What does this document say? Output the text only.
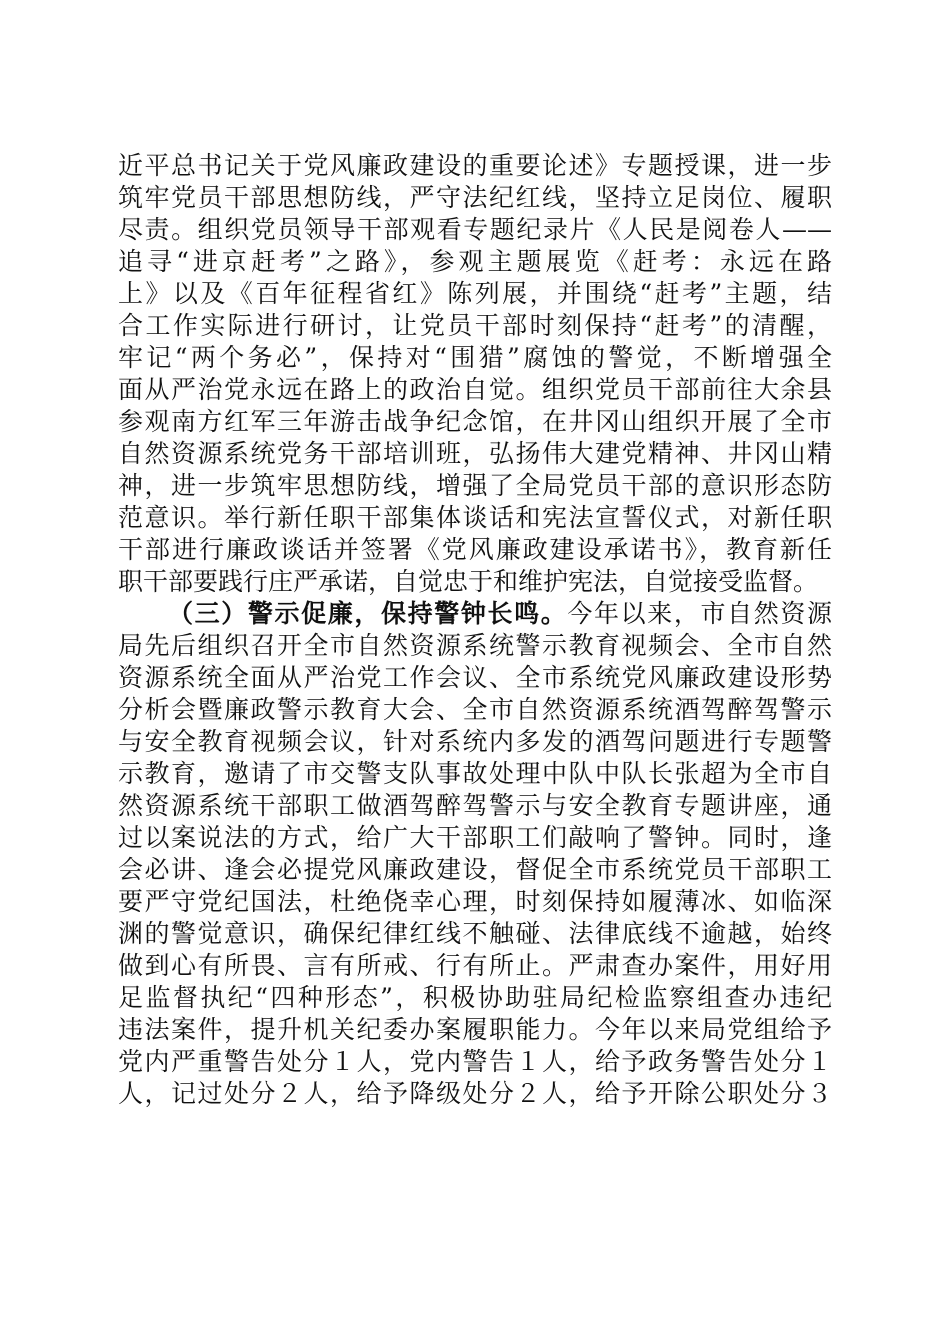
近平总书记关于党风廉政建设的重要论述》专题授课，进一步
筑牢党员干部思想防线，严守法纪红线，坚持立足岗位、履职
尽责。组织党员领导干部观看专题纪录片《人民是阅卷人——
追寻“进京赶考”之路》，参观主题展览《赶考：永远在路
上》以及《百年征程省红》陈列展，并围绕“赶考”主题，结
合工作实际进行研讨，让党员干部时刻保持“赶考”的清醒，
牢记“两个务必”，保持对“围猎”腐蚀的警觉，不断增强全
面从严治党永远在路上的政治自觉。组织党员干部前往大余县
参观南方红军三年游击战争纪念馆，在井冈山组织开展了全市
自然资源系统党务干部培训班，弘扬伟大建党精神、井冈山精
神，进一步筑牢思想防线，增强了全局党员干部的意识形态防
范意识。举行新任职干部集体谈话和宪法宣誓仪式，对新任职
干部进行廉政谈话并签署《党风廉政建设承诺书》，教育新任
职干部要践行庄严承诺，自觉忠于和维护宪法，自觉接受监督。
（三）警示促廉，保持警钟长鸣。今年以来，市自然资源
局先后组织召开全市自然资源系统警示教育视频会、全市自然
资源系统全面从严治党工作会议、全市系统党风廉政建设形势
分析会暨廉政警示教育大会、全市自然资源系统酒驾醉驾警示
与安全教育视频会议，针对系统内多发的酒驾问题进行专题警
示教育，邀请了市交警支队事故处理中队中队长张超为全市自
然资源系统干部职工做酒驾醉驾警示与安全教育专题讲座，通
过以案说法的方式，给广大干部职工们敲响了警钟。同时，逢
会必讲、逢会必提党风廉政建设，督促全市系统党员干部职工
要严守党纪国法，杜绝侥幸心理，时刻保持如履薄冰、如临深
渊的警觉意识，确保纪律红线不触碰、法律底线不逾越，始终
做到心有所畏、言有所戒、行有所止。严肃查办案件，用好用
足监督执纪“四种形态”，积极协助驻局纪检监察组查办违纪
违法案件，提升机关纪委办案履职能力。今年以来局党组给予
党内严重警告处分１人，党内警告１人，给予政务警告处分１
人，记过处分２人，给予降级处分２人，给予开除公职处分３
